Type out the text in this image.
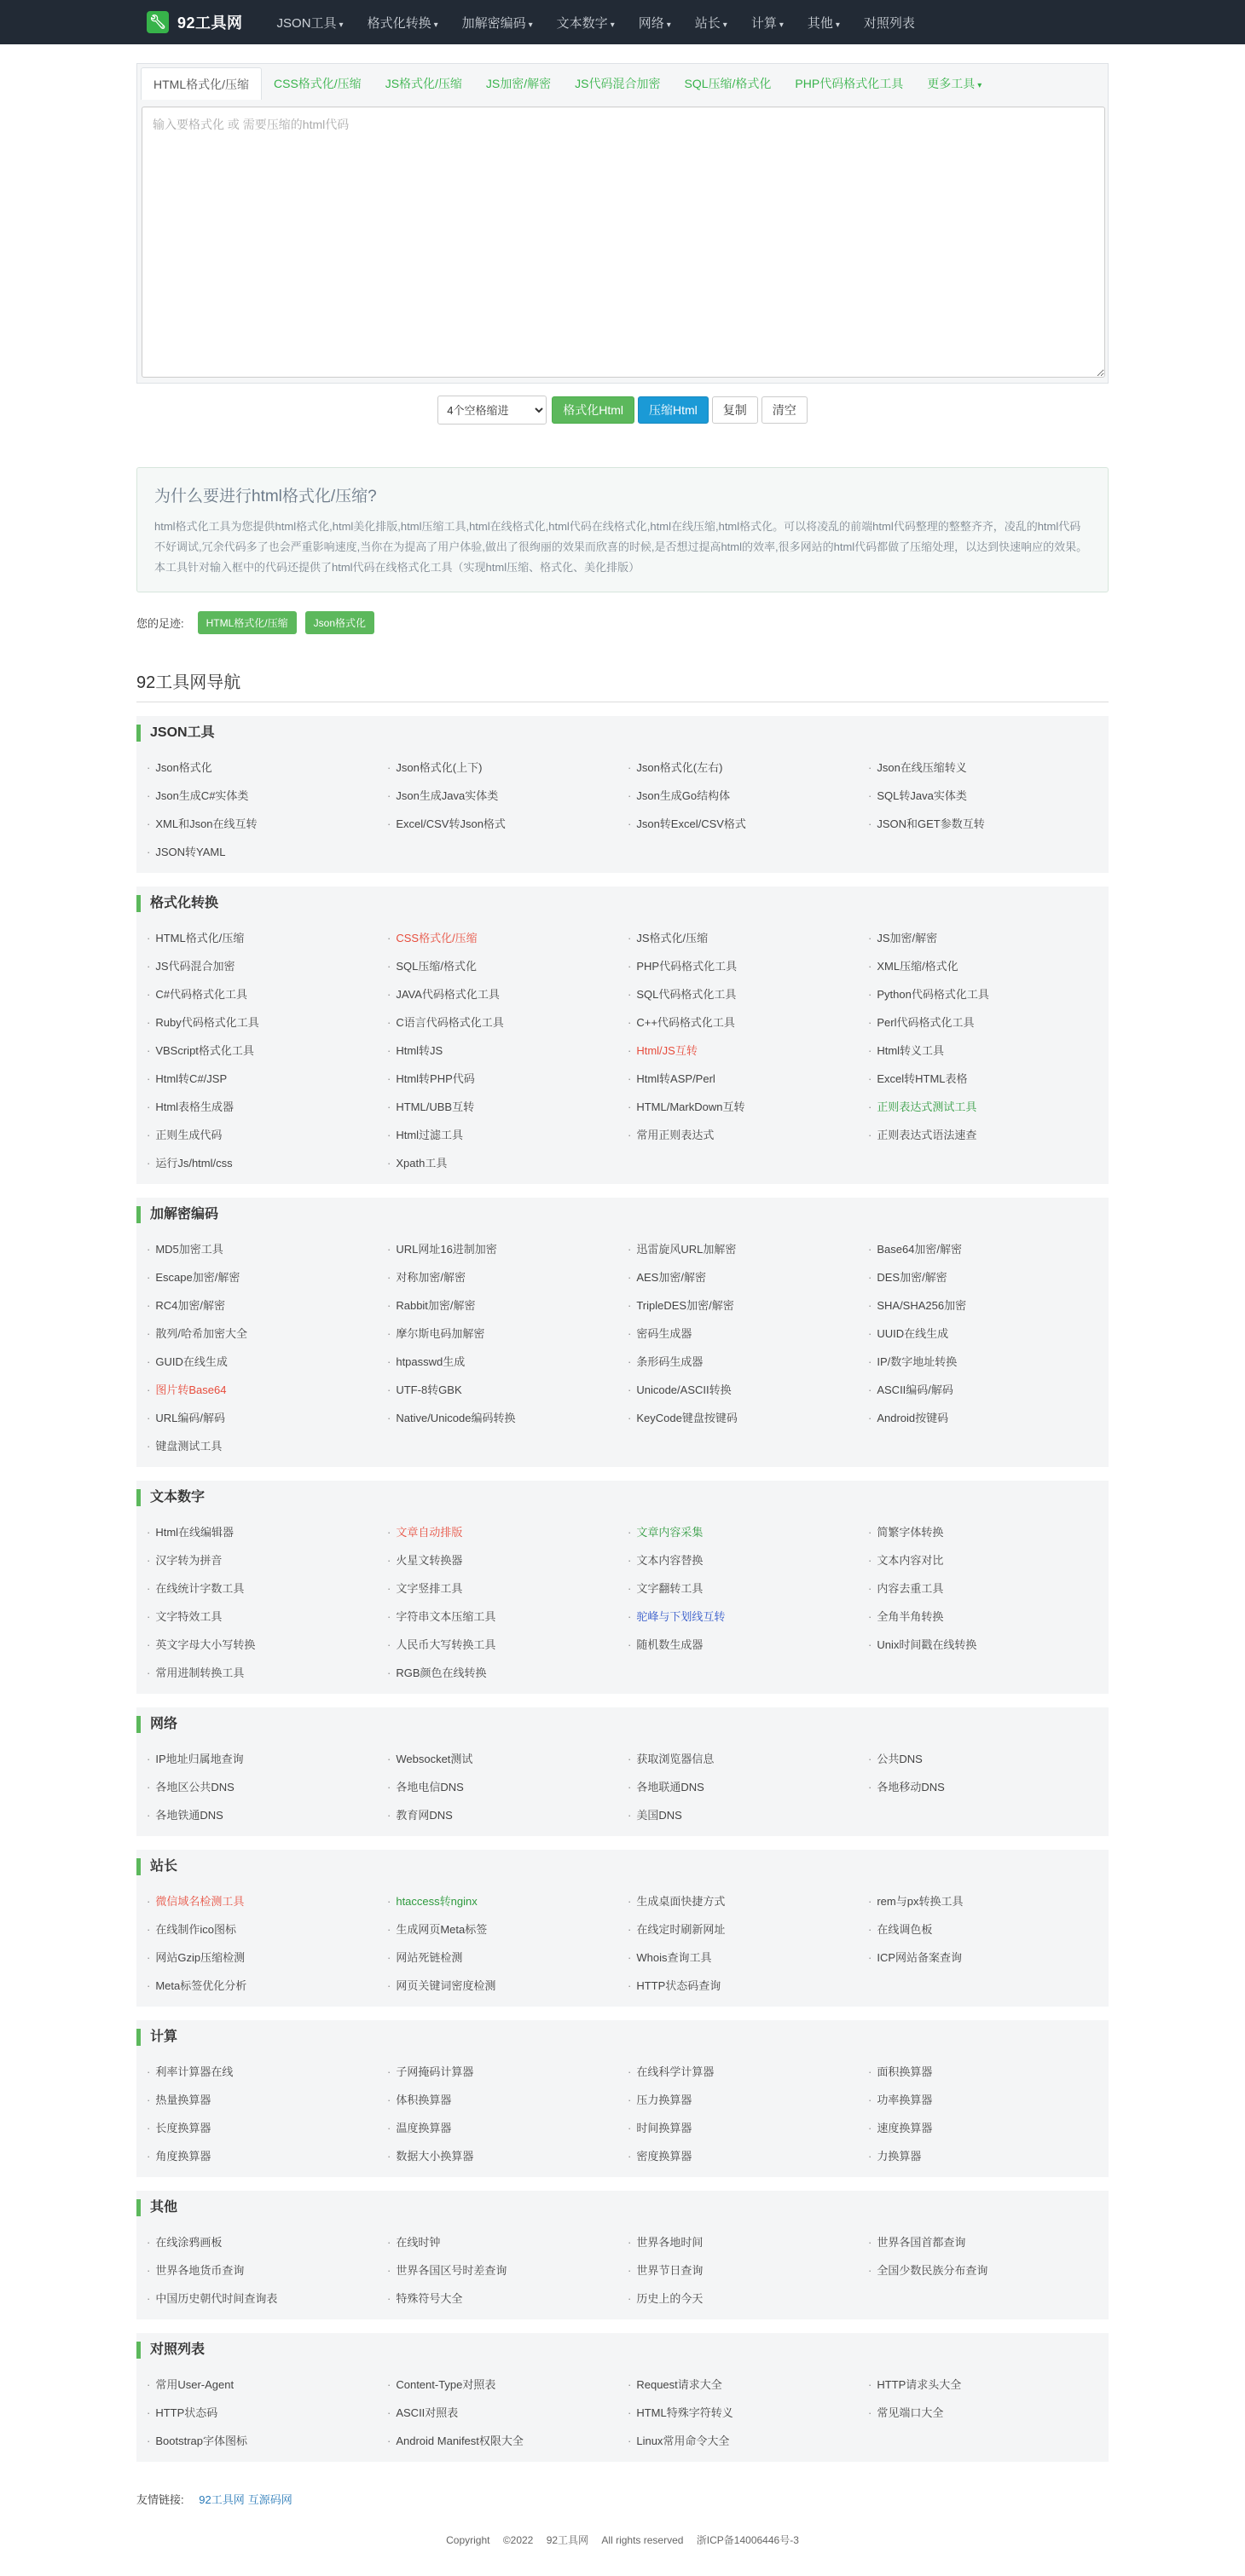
🔧︎ 92工具网	JSON工具 ▾	格式化转换 ▾	加解密编码 ▾	文本数字 ▾	网络 ▾	站长 ▾	计算 ▾	其他 ▾	对照列表
HTML格式化/压缩	CSS格式化/压缩	JS格式化/压缩	JS加密/解密	JS代码混合加密	SQL压缩/格式化	PHP代码格式化工具	更多工具 ▾
输入要格式化 或 需要压缩的html代码
4个空格缩进
格式化Html	压缩Html	复制	清空
为什么要进行html格式化/压缩?

html格式化工具为您提供html格式化,html美化排版,html压缩工具,html在线格式化,html代码在线格式化,html在线压缩,html格式化。可以将凌乱的前端html代码整理的整整齐齐，凌乱的html代码不好调试,冗余代码多了也会严重影响速度,当你在为提高了用户体验,做出了很绚丽的效果而欣喜的时候,是否想过提高html的效率,很多网站的html代码都做了压缩处理，以达到快速响应的效果。本工具针对输入框中的代码还提供了html代码在线格式化工具（实现html压缩、格式化、美化排版）

您的足迹:	HTML格式化/压缩	Json格式化
92工具网导航
JSON工具
· Json格式化	· Json格式化(上下)	· Json格式化(左右)	· Json在线压缩转义
· Json生成C#实体类	· Json生成Java实体类	· Json生成Go结构体	· SQL转Java实体类
· XML和Json在线互转	· Excel/CSV转Json格式	· Json转Excel/CSV格式	· JSON和GET参数互转
· JSON转YAML
格式化转换
· HTML格式化/压缩	· CSS格式化/压缩	· JS格式化/压缩	· JS加密/解密
· JS代码混合加密	· SQL压缩/格式化	· PHP代码格式化工具	· XML压缩/格式化
· C#代码格式化工具	· JAVA代码格式化工具	· SQL代码格式化工具	· Python代码格式化工具
· Ruby代码格式化工具	· C语言代码格式化工具	· C++代码格式化工具	· Perl代码格式化工具
· VBScript格式化工具	· Html转JS	· Html/JS互转	· Html转义工具
· Html转C#/JSP	· Html转PHP代码	· Html转ASP/Perl	· Excel转HTML表格
· Html表格生成器	· HTML/UBB互转	· HTML/MarkDown互转	· 正则表达式测试工具
· 正则生成代码	· Html过滤工具	· 常用正则表达式	· 正则表达式语法速查
· 运行Js/html/css	· Xpath工具
加解密编码
· MD5加密工具	· URL网址16进制加密	· 迅雷旋风URL加解密	· Base64加密/解密
· Escape加密/解密	· 对称加密/解密	· AES加密/解密	· DES加密/解密
· RC4加密/解密	· Rabbit加密/解密	· TripleDES加密/解密	· SHA/SHA256加密
· 散列/哈希加密大全	· 摩尔斯电码加解密	· 密码生成器	· UUID在线生成
· GUID在线生成	· htpasswd生成	· 条形码生成器	· IP/数字地址转换
· 图片转Base64	· UTF-8转GBK	· Unicode/ASCII转换	· ASCII编码/解码
· URL编码/解码	· Native/Unicode编码转换	· KeyCode键盘按键码	· Android按键码
· 键盘测试工具
文本数字
· Html在线编辑器	· 文章自动排版	· 文章内容采集	· 简繁字体转换
· 汉字转为拼音	· 火星文转换器	· 文本内容替换	· 文本内容对比
· 在线统计字数工具	· 文字竖排工具	· 文字翻转工具	· 内容去重工具
· 文字特效工具	· 字符串文本压缩工具	· 驼峰与下划线互转	· 全角半角转换
· 英文字母大小写转换	· 人民币大写转换工具	· 随机数生成器	· Unix时间戳在线转换
· 常用进制转换工具	· RGB颜色在线转换
网络
· IP地址归属地查询	· Websocket测试	· 获取浏览器信息	· 公共DNS
· 各地区公共DNS	· 各地电信DNS	· 各地联通DNS	· 各地移动DNS
· 各地铁通DNS	· 教育网DNS	· 美国DNS
站长
· 微信域名检测工具	· htaccess转nginx	· 生成桌面快捷方式	· rem与px转换工具
· 在线制作ico图标	· 生成网页Meta标签	· 在线定时刷新网址	· 在线调色板
· 网站Gzip压缩检测	· 网站死链检测	· Whois查询工具	· ICP网站备案查询
· Meta标签优化分析	· 网页关键词密度检测	· HTTP状态码查询
计算
· 利率计算器在线	· 子网掩码计算器	· 在线科学计算器	· 面积换算器
· 热量换算器	· 体积换算器	· 压力换算器	· 功率换算器
· 长度换算器	· 温度换算器	· 时间换算器	· 速度换算器
· 角度换算器	· 数据大小换算器	· 密度换算器	· 力换算器
其他
· 在线涂鸦画板	· 在线时钟	· 世界各地时间	· 世界各国首都查询
· 世界各地货币查询	· 世界各国区号时差查询	· 世界节日查询	· 全国少数民族分布查询
· 中国历史朝代时间查询表	· 特殊符号大全	· 历史上的今天
对照列表
· 常用User-Agent	· Content-Type对照表	· Request请求大全	· HTTP请求头大全
· HTTP状态码	· ASCII对照表	· HTML特殊字符转义	· 常见端口大全
· Bootstrap字体图标	· Android Manifest权限大全	· Linux常用命令大全
友情链接: 92工具网 互源码网
Copyright ©2022 92工具网 All rights reserved 浙ICP备14006446号-3
